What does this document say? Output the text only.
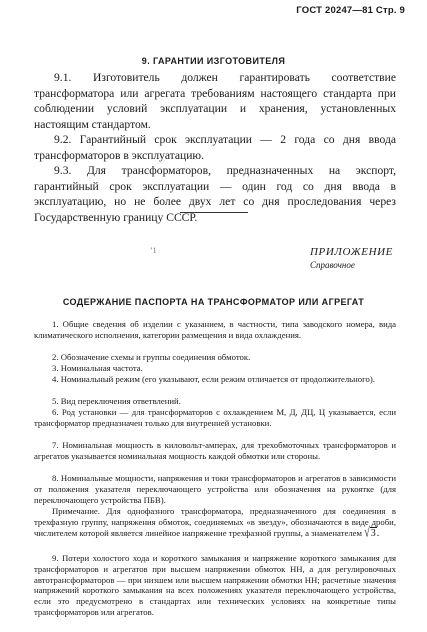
ГОСТ 20247—81 Стр. 9
9. ГАРАНТИИ ИЗГОТОВИТЕЛЯ

9.1. Изготовитель должен гарантировать соответствие трансформатора или агрегата требованиям настоящего стандарта при соблюдении условий эксплуатации и хранения, установленных настоящим стандартом.

9.2. Гарантийный срок эксплуатации — 2 года со дня ввода трансформаторов в эксплуатацию.

9.3. Для трансформаторов, предназначенных на экспорт, гарантийный срок эксплуатации — один год со дня ввода в эксплуатацию, но не более двух лет со дня проследования через Государственную границу СССР.

ʼ1	ПРИЛОЖЕНИЕ
Справочное
СОДЕРЖАНИЕ ПАСПОРТА НА ТРАНСФОРМАТОР ИЛИ АГРЕГАТ

1. Общие сведения об изделии с указанием, в частности, типа заводского номера, вида климатического исполнения, категории размещения и вида охлаждения.

2. Обозначение схемы и группы соединения обмоток.

3. Номинальная частота.

4. Номинальный режим (его указывают, если режим отличается от продолжительного).

5. Вид переключения ответвлений.

6. Род установки — для трансформаторов с охлаждением М, Д, ДЦ, Ц указывается, если трансформатор предназначен только для внутренней установки.

7. Номинальная мощность в киловольт-амперах, для трехобмоточных трансформаторов и агрегатов указывается номинальная мощность каждой обмотки или стороны.

8. Номинальные мощности, напряжения и токи трансформаторов и агрегатов в зависимости от положения указателя переключающего устройства или обозначения на рукоятке (для переключающего устройства ПБВ).

Примечание. Для однофазного трансформатора, предназначенного для соединения в трехфазную группу, напряжения обмоток, соединяемых «в звезду», обозначаются в виде дроби, числителем которой является линейное напряжение трехфазной группы, а знаменателем √3.

9. Потери холостого хода и короткого замыкания и напряжение короткого замыкания для трансформаторов и агрегатов при высшем напряжении обмоток НН, а для регулировочных автотрансформаторов — при низшем или высшем напряжении обмотки НН; расчетные значения напряжений короткого замыкания на всех положениях указателя переключающего устройства, если это предусмотрено в стандартах или технических условиях на конкретные типы трансформаторов или агрегатов.
